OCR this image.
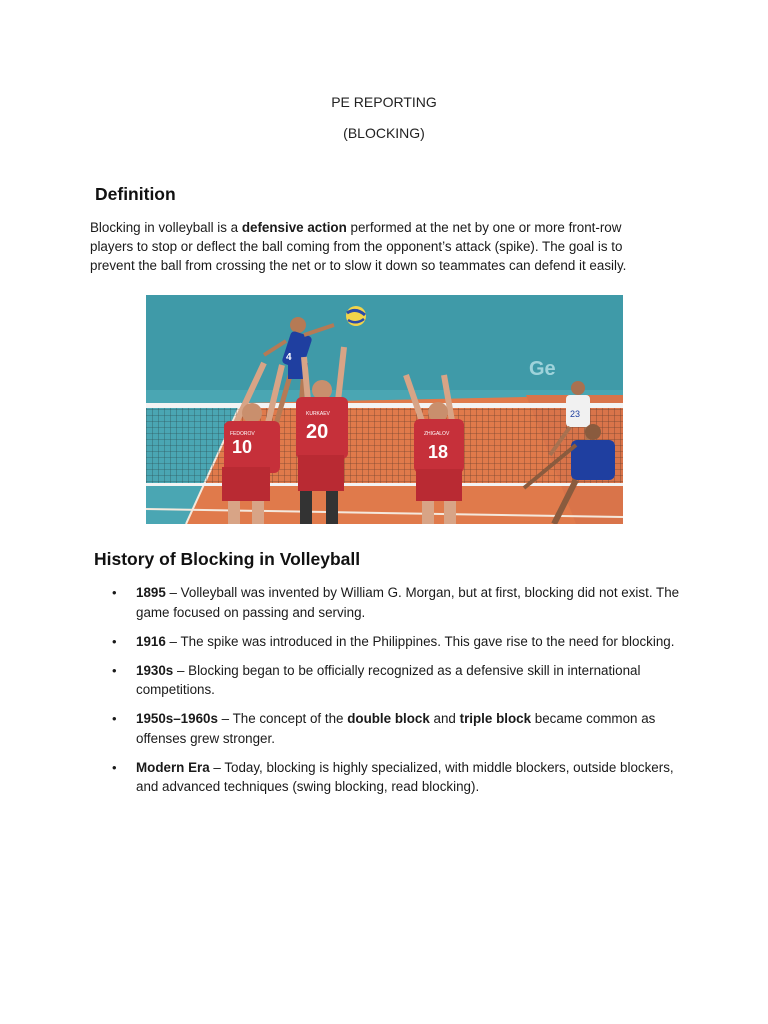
PE REPORTING
(BLOCKING)
Definition

Blocking in volleyball is a defensive action performed at the net by one or more front-row players to stop or deflect the ball coming from the opponent’s attack (spike). The goal is to prevent the ball from crossing the net or to slow it down so teammates can defend it easily.

Ge
4
23
FEDOROV
10
KURKAEV
20	ZHIGALOV
18
History of Blocking in Volleyball
• 1895 – Volleyball was invented by William G. Morgan, but at first, blocking did not exist. The game focused on passing and serving.
• 1916 – The spike was introduced in the Philippines. This gave rise to the need for blocking.
• 1930s – Blocking began to be officially recognized as a defensive skill in international competitions.
• 1950s–1960s – The concept of the double block and triple block became common as offenses grew stronger.
• Modern Era – Today, blocking is highly specialized, with middle blockers, outside blockers, and advanced techniques (swing blocking, read blocking).
